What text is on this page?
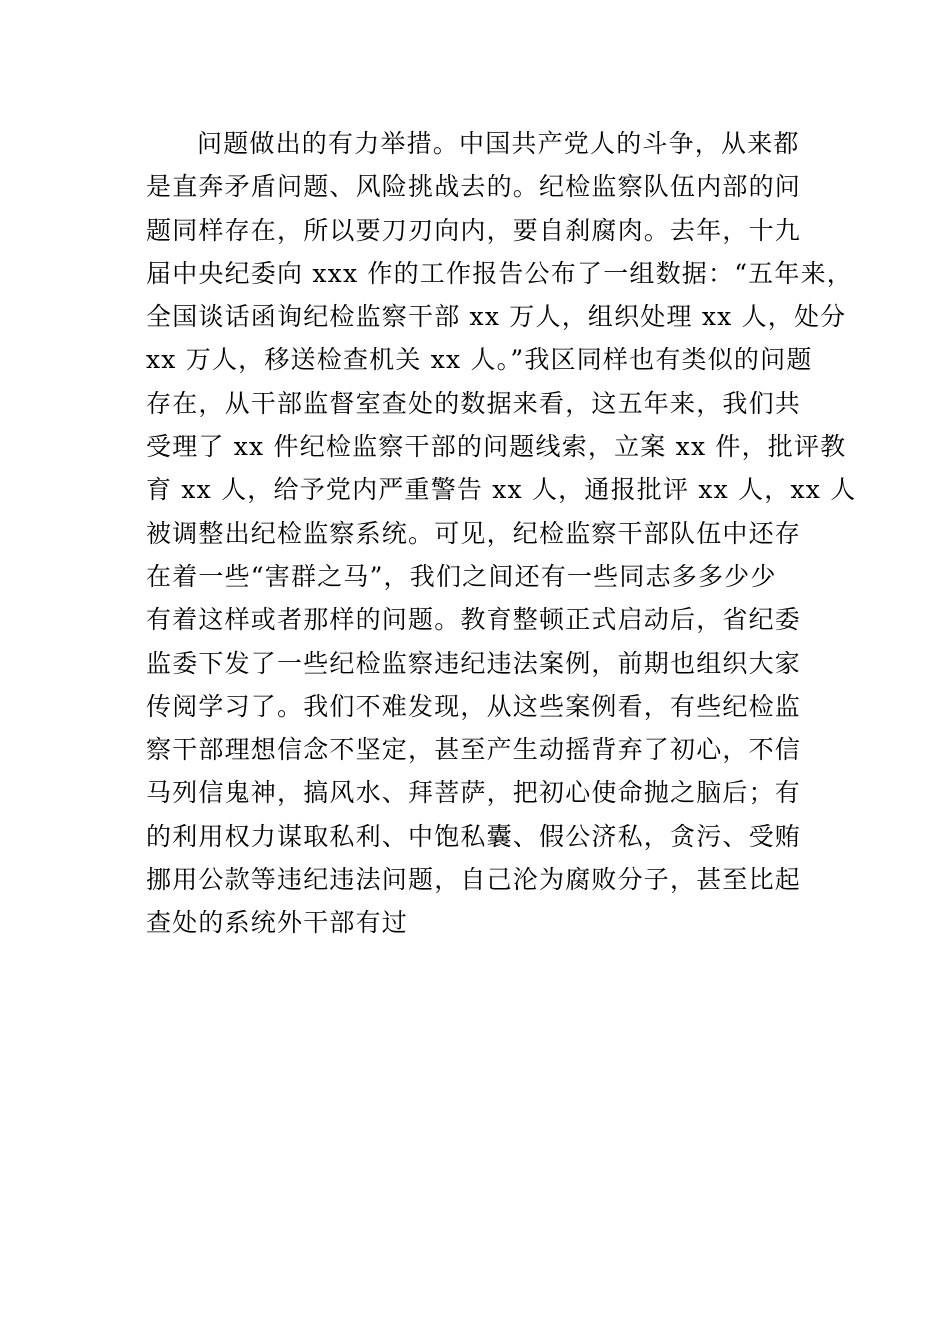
问题做出的有力举措。中国共产党人的斗争，从来都
是直奔矛盾问题、风险挑战去的。纪检监察队伍内部的问
题同样存在，所以要刀刃向内，要自刹腐肉。去年，十九
届中央纪委向 xxx 作的工作报告公布了一组数据：“五年来，
全国谈话函询纪检监察干部 xx 万人，组织处理 xx 人，处分
xx 万人，移送检查机关 xx 人。”我区同样也有类似的问题
存在，从干部监督室查处的数据来看，这五年来，我们共
受理了 xx 件纪检监察干部的问题线索，立案 xx 件，批评教
育 xx 人，给予党内严重警告 xx 人，通报批评 xx 人，xx 人
被调整出纪检监察系统。可见，纪检监察干部队伍中还存
在着一些“害群之马”，我们之间还有一些同志多多少少
有着这样或者那样的问题。教育整顿正式启动后，省纪委
监委下发了一些纪检监察违纪违法案例，前期也组织大家
传阅学习了。我们不难发现，从这些案例看，有些纪检监
察干部理想信念不坚定，甚至产生动摇背弃了初心，不信
马列信鬼神，搞风水、拜菩萨，把初心使命抛之脑后；有
的利用权力谋取私利、中饱私囊、假公济私，贪污、受贿
挪用公款等违纪违法问题，自己沦为腐败分子，甚至比起
查处的系统外干部有过
